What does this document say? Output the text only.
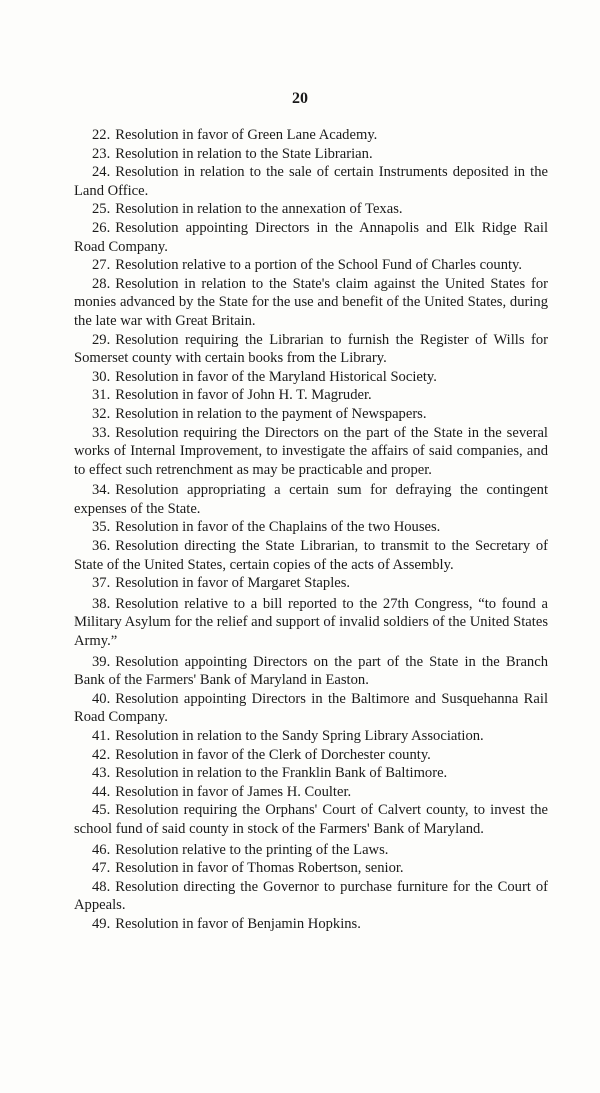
20

22. Resolution in favor of Green Lane Academy.

23. Resolution in relation to the State Librarian.

24. Resolution in relation to the sale of certain Instruments deposited in the Land Office.

25. Resolution in relation to the annexation of Texas.

26. Resolution appointing Directors in the Annapolis and Elk Ridge Rail Road Company.

27. Resolution relative to a portion of the School Fund of Charles county.

28. Resolution in relation to the State's claim against the United States for monies advanced by the State for the use and benefit of the United States, during the late war with Great Britain.

29. Resolution requiring the Librarian to furnish the Register of Wills for Somerset county with certain books from the Library.

30. Resolution in favor of the Maryland Historical Society.

31. Resolution in favor of John H. T. Magruder.

32. Resolution in relation to the payment of Newspapers.

33. Resolution requiring the Directors on the part of the State in the several works of Internal Improvement, to investigate the affairs of said companies, and to effect such retrenchment as may be practicable and proper.

34. Resolution appropriating a certain sum for defraying the contingent expenses of the State.

35. Resolution in favor of the Chaplains of the two Houses.

36. Resolution directing the State Librarian, to transmit to the Secretary of State of the United States, certain copies of the acts of Assembly.

37. Resolution in favor of Margaret Staples.

38. Resolution relative to a bill reported to the 27th Congress, “to found a Military Asylum for the relief and support of invalid soldiers of the United States Army.”

39. Resolution appointing Directors on the part of the State in the Branch Bank of the Farmers' Bank of Maryland in Easton.

40. Resolution appointing Directors in the Baltimore and Susquehanna Rail Road Company.

41. Resolution in relation to the Sandy Spring Library Association.

42. Resolution in favor of the Clerk of Dorchester county.

43. Resolution in relation to the Franklin Bank of Baltimore.

44. Resolution in favor of James H. Coulter.

45. Resolution requiring the Orphans' Court of Calvert county, to invest the school fund of said county in stock of the Farmers' Bank of Maryland.

46. Resolution relative to the printing of the Laws.

47. Resolution in favor of Thomas Robertson, senior.

48. Resolution directing the Governor to purchase furniture for the Court of Appeals.

49. Resolution in favor of Benjamin Hopkins.
